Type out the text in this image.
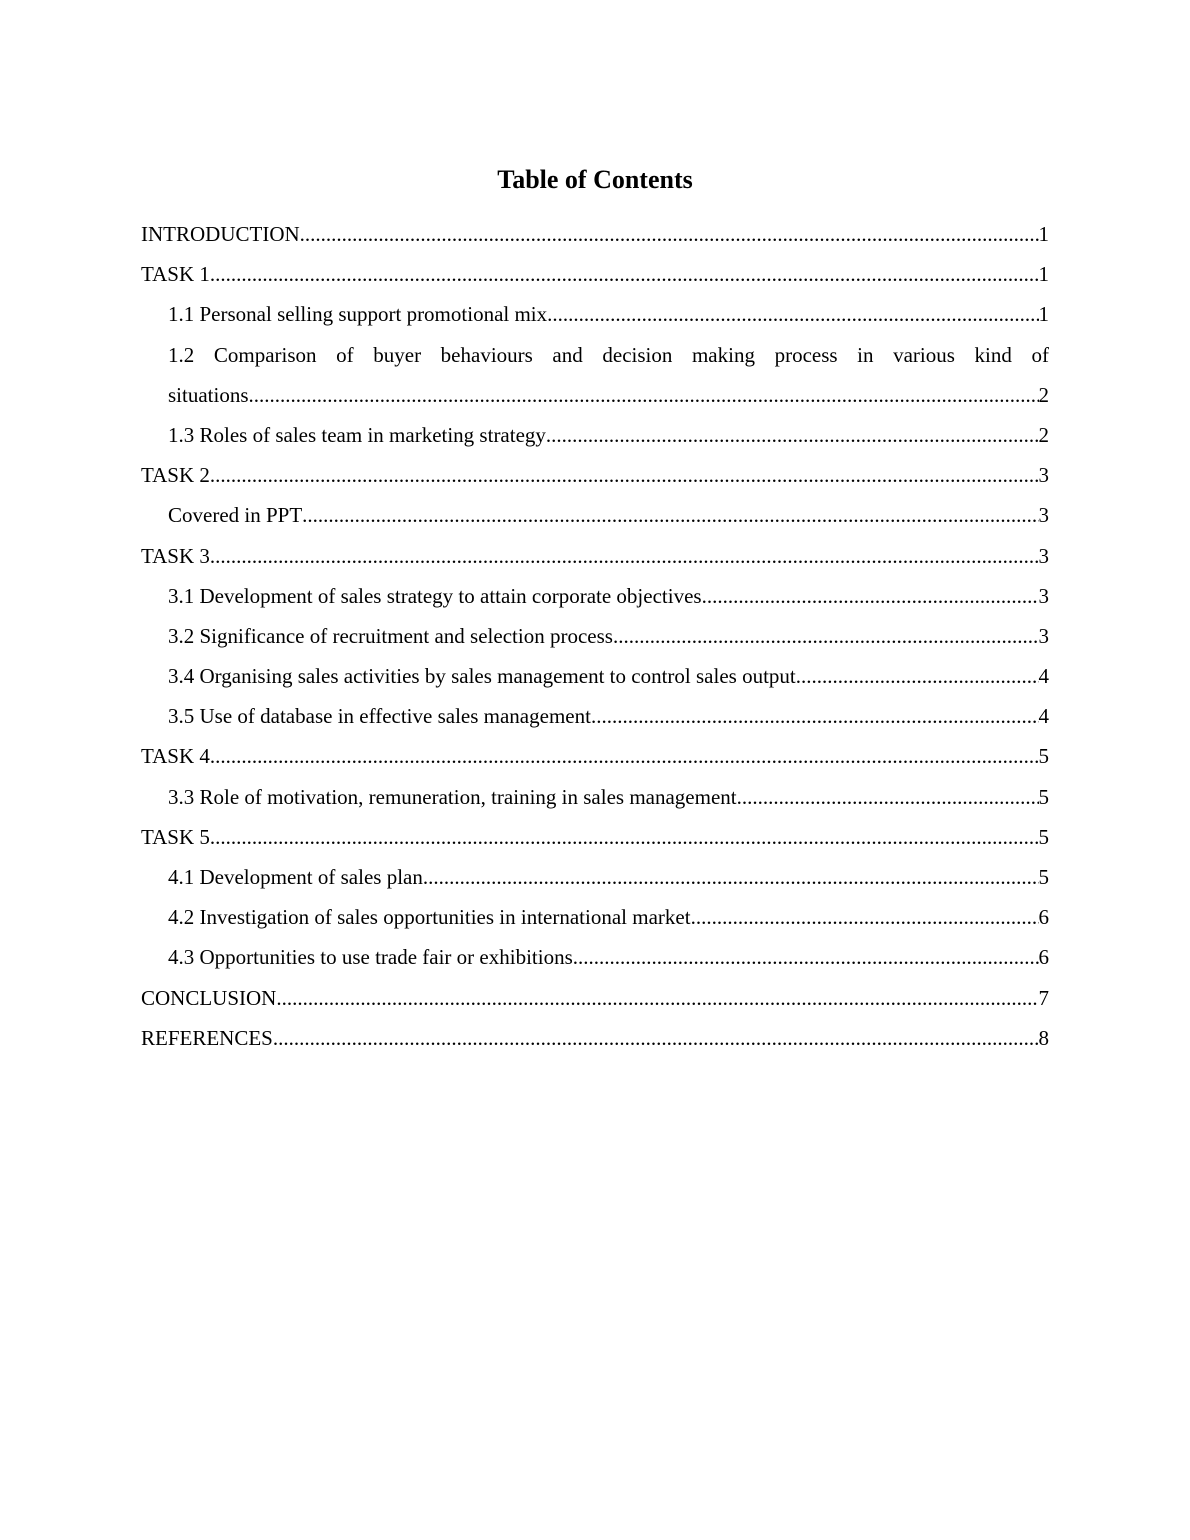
Table of Contents
INTRODUCTION .....	1
TASK 1 .....	1
1.1 Personal selling support promotional mix .....	1
1.2 Comparison of buyer behaviours and decision making process in various kind of
situations .....	2
1.3 Roles of sales team in marketing strategy .....	2
TASK 2 .....	3
Covered in PPT .....	3
TASK 3 .....	3
3.1 Development of sales strategy to attain corporate objectives .....	3
3.2 Significance of recruitment and selection process .....	3
3.4 Organising sales activities by sales management to control sales output .....	4
3.5 Use of database in effective sales management .....	4
TASK 4 .....	5
3.3 Role of motivation, remuneration, training in sales management .....	5
TASK 5 .....	5
4.1 Development of sales plan .....	5
4.2 Investigation of sales opportunities in international market .....	6
4.3 Opportunities to use trade fair or exhibitions .....	6
CONCLUSION .....	7
REFERENCES .....	8
